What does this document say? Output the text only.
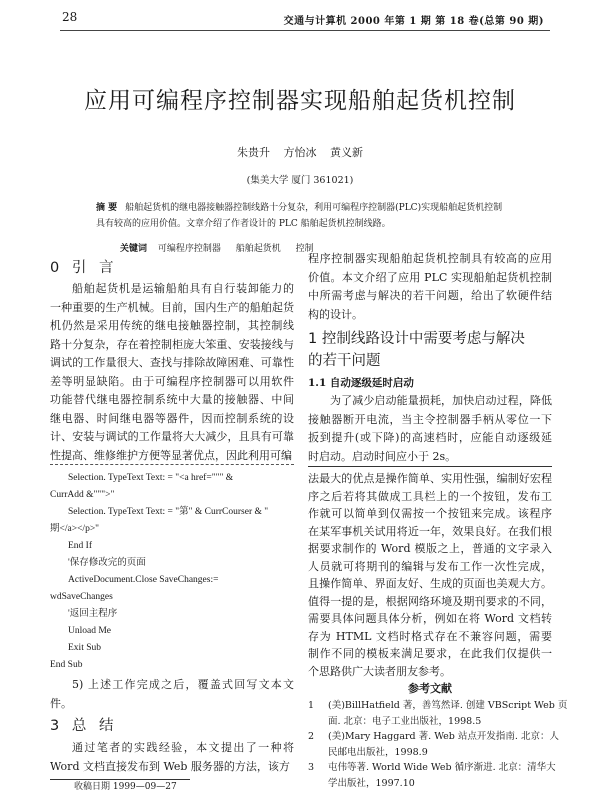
28	交通与计算机 2000 年第 1 期 第 18 卷(总第 90 期)
应用可编程序控制器实现船舶起货机控制
朱贵升 方怡冰 黄义新
(集美大学 厦门 361021)
摘 要 船舶起货机的继电器接触器控制线路十分复杂，利用可编程序控制器(PLC)实现船舶起货机控制具有较高的应用价值。文章介绍了作者设计的 PLC 船舶起货机控制线路。
关键词 可编程序控制器 船舶起货机 控制
0 引 言
船舶起货机是运输船舶具有自行装卸能力的
一种重要的生产机械。目前，国内生产的船舶起货
机仍然是采用传统的继电接触器控制，其控制线
路十分复杂，存在着控制柜庞大笨重、安装接线与
调试的工作量很大、查找与排除故障困难、可靠性
差等明显缺陷。由于可编程序控制器可以用软件
功能替代继电器控制系统中大量的接触器、中间
继电器、时间继电器等器件，因而控制系统的设
计、安装与调试的工作量将大大减少，且具有可靠
性提高、维修维护方便等显著优点，因此利用可编
程序控制器实现船舶起货机控制具有较高的应用
价值。本文介绍了应用 PLC 实现船舶起货机控制
中所需考虑与解决的若干问题，给出了软硬件结
构的设计。
1 控制线路设计中需要考虑与解决
的若干问题
1.1 自动逐级延时启动
为了减少启动能量损耗，加快启动过程，降低
接触器断开电流，当主令控制器手柄从零位一下
扳到提升(或下降)的高速档时，应能自动逐级延
时启动。启动时间应小于 2s。
Selection. TypeText Text: = "<a href=""" &
CurrAdd &""">"
Selection. TypeText Text: = "第" & CurrCourser & "
期</a></p>"
End If
'保存修改完的页面
ActiveDocument.Close SaveChanges:=
wdSaveChanges
'返回主程序
Unload Me
Exit Sub
End Sub
5) 上述工作完成之后，覆盖式回写文本文
件。
3 总 结
通过笔者的实践经验，本文提出了一种将
Word 文档直接发布到 Web 服务器的方法，该方
收稿日期 1999—09—27
法最大的优点是操作简单、实用性强，编制好宏程
序之后若将其做成工具栏上的一个按钮，发布工
作就可以简单到仅需按一个按钮来完成。该程序
在某军事机关试用将近一年，效果良好。在我们根
据要求制作的 Word 模版之上，普通的文字录入
人员就可将期刊的编辑与发布工作一次性完成，
且操作简单、界面友好、生成的页面也美观大方。
值得一提的是，根据网络环境及期刊要求的不同，
需要具体问题具体分析，例如在将 Word 文档转
存为 HTML 文档时格式存在不兼容问题，需要
制作不同的模板来满足要求，在此我们仅提供一
个思路供广大读者朋友参考。
参考文献
1 (美)BillHatfield 著，善笃然译. 创建 VBScript Web 页
面. 北京：电子工业出版社，1998.5
2 (美)Mary Haggard 著. Web 站点开发指南. 北京：人
民邮电出版社，1998.9
3 屯伟等著. World Wide Web 循序渐进. 北京：清华大
学出版社，1997.10
